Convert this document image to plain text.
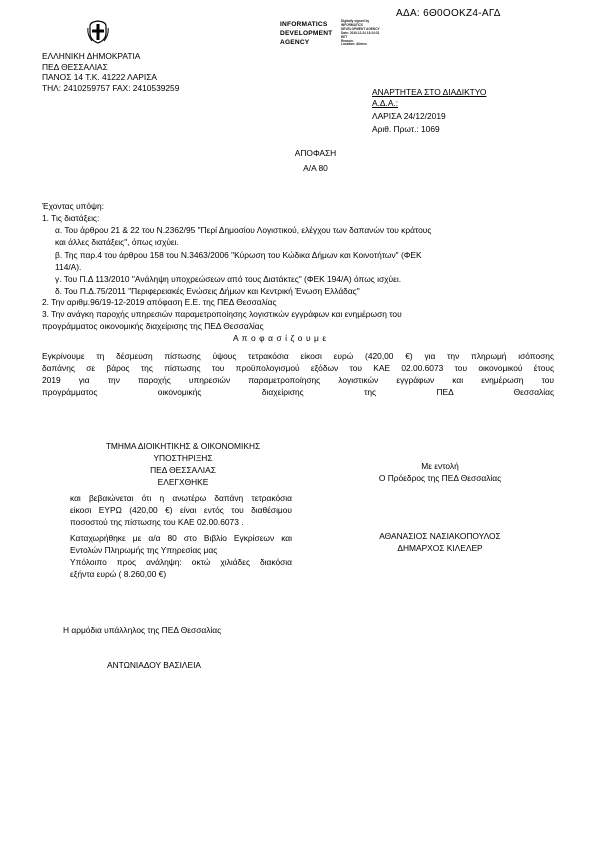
ΑΔΑ: 6Θ0ΟΟΚΖ4-ΑΓΔ
INFORMATICS
DEVELOPMENT
AGENCY
Digitally signed by
INFORMATICS
DEVELOPMENT AGENCY
Date: 2019.12.24 13:24:31
EET
Reason:
Location: Athens
ΕΛΛΗΝΙΚΗ ΔΗΜΟΚΡΑΤΙΑ
ΠΕΔ ΘΕΣΣΑΛΙΑΣ
ΠΑΝΟΣ 14 Τ.Κ. 41222 ΛΑΡΙΣΑ
ΤΗΛ: 2410259757 FAX: 2410539259	ΑΝΑΡΤΗΤΕΑ ΣΤΟ ΔΙΑΔΙΚΤΥΟ
Α.Δ.Α.:
ΛΑΡΙΣΑ 24/12/2019
Αριθ. Πρωτ.: 1069
ΑΠΟΦΑΣΗ
Α/Α 80
Έχοντας υπόψη:
1. Τις διατάξεις:
α. Του άρθρου 21 & 22 του Ν.2362/95 "Περί Δημοσίου Λογιστικού, ελέγχου των δαπανών του κράτους
και άλλες διατάξεις", όπως ισχύει.
β. Της παρ.4 του άρθρου 158 του Ν.3463/2006 "Κύρωση του Κώδικα Δήμων και Κοινοτήτων" (ΦΕΚ
114/Α).
γ. Του Π.Δ 113/2010 "Ανάληψη υποχρεώσεων από τους Διατάκτες" (ΦΕΚ 194/Α) όπως ισχύει.
δ. Του Π.Δ.75/2011 "Περιφερειακές Ενώσεις Δήμων και Κεντρική Ένωση Ελλάδας"
2. Την αριθμ.96/19-12-2019 απόφαση Ε.Ε. της ΠΕΔ Θεσσαλίας
3. Την ανάγκη παροχής υπηρεσιών παραμετροποίησης λογιστικών εγγράφων και ενημέρωση του
προγράμματος οικονομικής διαχείρισης της ΠΕΔ Θεσσαλίας
Α π ο φ α σ ί ζ ο υ μ ε
Εγκρίνουμε τη δέσμευση πίστωσης ύψους τετρακόσια είκοσι ευρώ (420,00 €) για την πληρωμή ισόποσης
δαπάνης σε βάρος της πίστωσης του προϋπολογισμού εξόδων του ΚΑΕ 02.00.6073 του οικονομικού έτους
2019 για την παροχής υπηρεσιών παραμετροποίησης λογιστικών εγγράφων και ενημέρωση του
προγράμματος οικονομικής διαχείρισης της ΠΕΔ Θεσσαλίας
ΤΜΗΜΑ ΔΙΟΙΚΗΤΙΚΗΣ & ΟΙΚΟΝΟΜΙΚΗΣ
ΥΠΟΣΤΗΡΙΞΗΣ
ΠΕΔ ΘΕΣΣΑΛΙΑΣ
ΕΛΕΓΧΘΗΚΕ
και βεβαιώνεται ότι η ανωτέρω δαπάνη τετρακόσια
είκοσι ΕΥΡΩ (420,00 €) είναι εντός του διαθέσιμου
ποσοστού της πίστωσης του ΚΑΕ 02.00.6073 .
Καταχωρήθηκε με α/α 80 στο Βιβλίο Εγκρίσεων και
Εντολών Πληρωμής της Υπηρεσίας μας
Υπόλοιπο προς ανάληψη: οκτώ χιλιάδες διακόσια
εξήντα ευρώ ( 8.260,00 €)
Με εντολή
Ο Πρόεδρος της ΠΕΔ Θεσσαλίας
ΑΘΑΝΑΣΙΟΣ ΝΑΣΙΑΚΟΠΟΥΛΟΣ
ΔΗΜΑΡΧΟΣ ΚΙΛΕΛΕΡ
Η αρμόδια υπάλληλος της ΠΕΔ Θεσσαλίας
ΑΝΤΩΝΙΑΔΟΥ ΒΑΣΙΛΕΙΑ
